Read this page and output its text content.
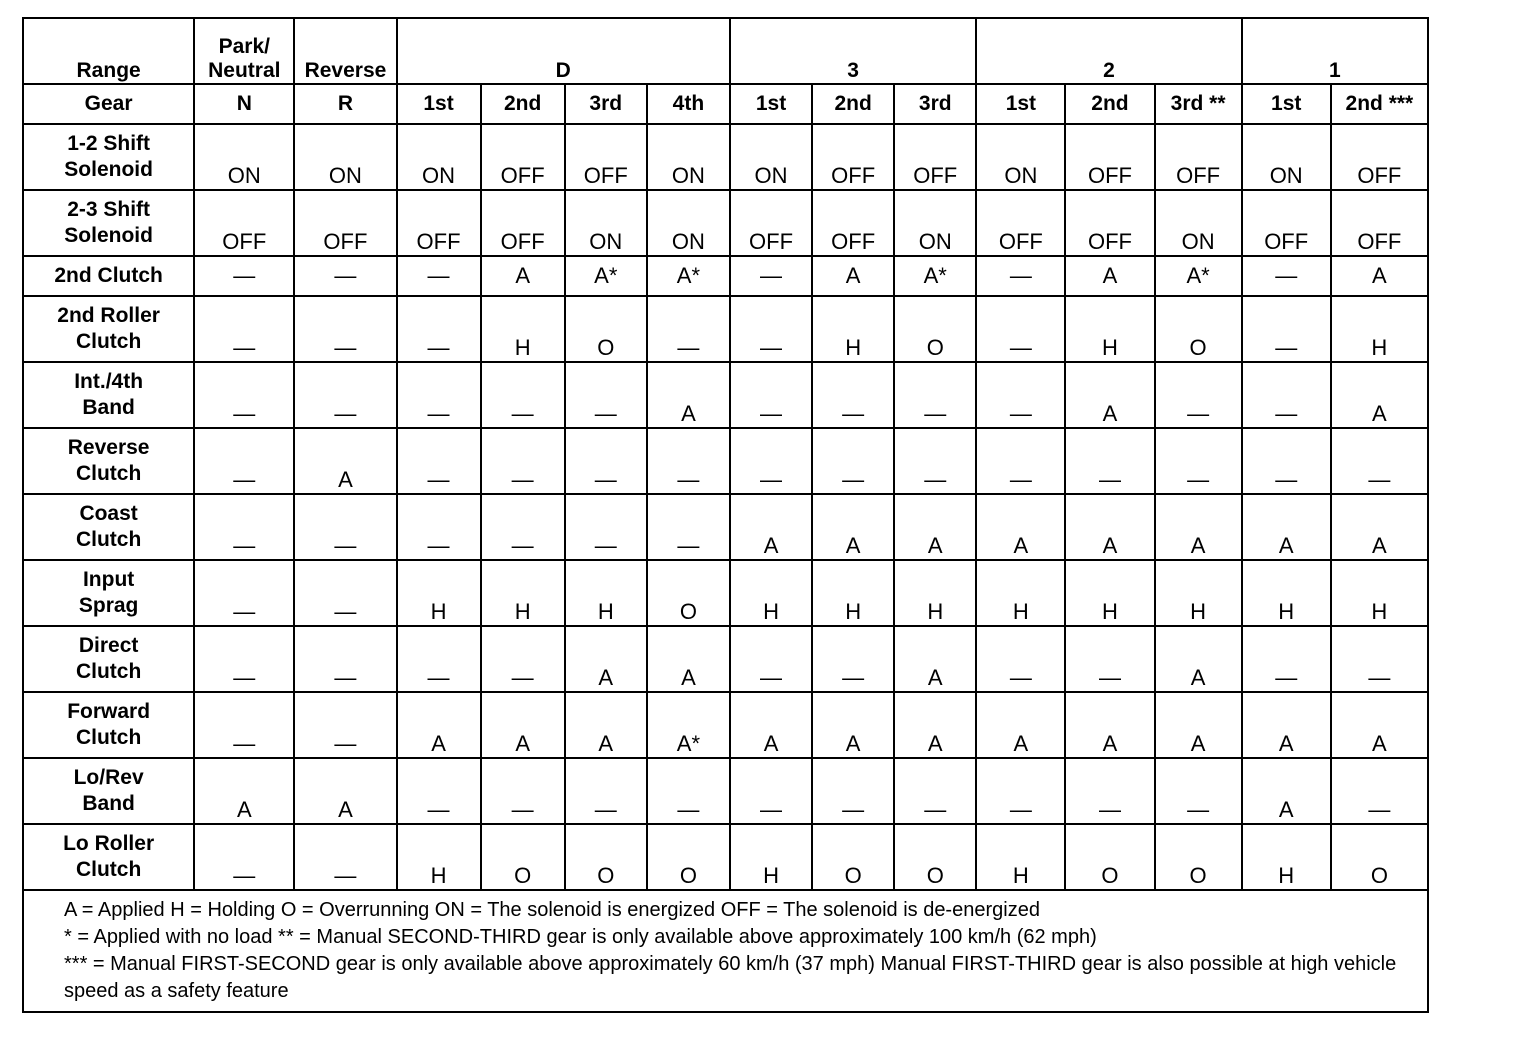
Range	Park/
Neutral	Reverse	D				3			2			1	
Gear	N	R	1st	2nd	3rd	4th	1st	2nd	3rd	1st	2nd	3rd **	1st	2nd ***
1-2 Shift
Solenoid	ON	ON	ON	OFF	OFF	ON	ON	OFF	OFF	ON	OFF	OFF	ON	OFF
2-3 Shift
Solenoid	OFF	OFF	OFF	OFF	ON	ON	OFF	OFF	ON	OFF	OFF	ON	OFF	OFF
2nd Clutch	—	—	—	A	A*	A*	—	A	A*	—	A	A*	—	A
2nd Roller
Clutch	—	—	—	H	O	—	—	H	O	—	H	O	—	H
Int./4th
Band	—	—	—	—	—	A	—	—	—	—	A	—	—	A
Reverse
Clutch	—	A	—	—	—	—	—	—	—	—	—	—	—	—
Coast
Clutch	—	—	—	—	—	—	A	A	A	A	A	A	A	A
Input
Sprag	—	—	H	H	H	O	H	H	H	H	H	H	H	H
Direct
Clutch	—	—	—	—	A	A	—	—	A	—	—	A	—	—
Forward
Clutch	—	—	A	A	A	A*	A	A	A	A	A	A	A	A
Lo/Rev
Band	A	A	—	—	—	—	—	—	—	—	—	—	A	—
Lo Roller
Clutch	—	—	H	O	O	O	H	O	O	H	O	O	H	O

A = Applied H = Holding O = Overrunning ON = The solenoid is energized OFF = The solenoid is de-energized
* = Applied with no load ** = Manual SECOND-THIRD gear is only available above approximately 100 km/h (62 mph)
*** = Manual FIRST-SECOND gear is only available above approximately 60 km/h (37 mph) Manual FIRST-THIRD gear is also possible at high vehicle speed as a safety feature														
